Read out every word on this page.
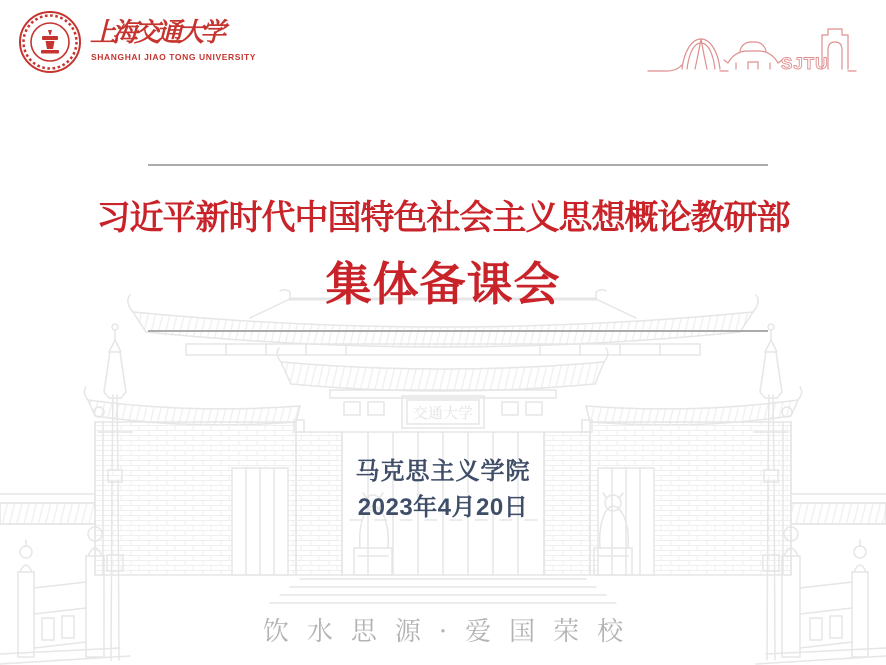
交通大学
上海交通大学
SHANGHAI JIAO TONG UNIVERSITY	SJTU
习近平新时代中国特色社会主义思想概论教研部
集体备课会
马克思主义学院
2023年4月20日
饮水思源·爱国荣校
